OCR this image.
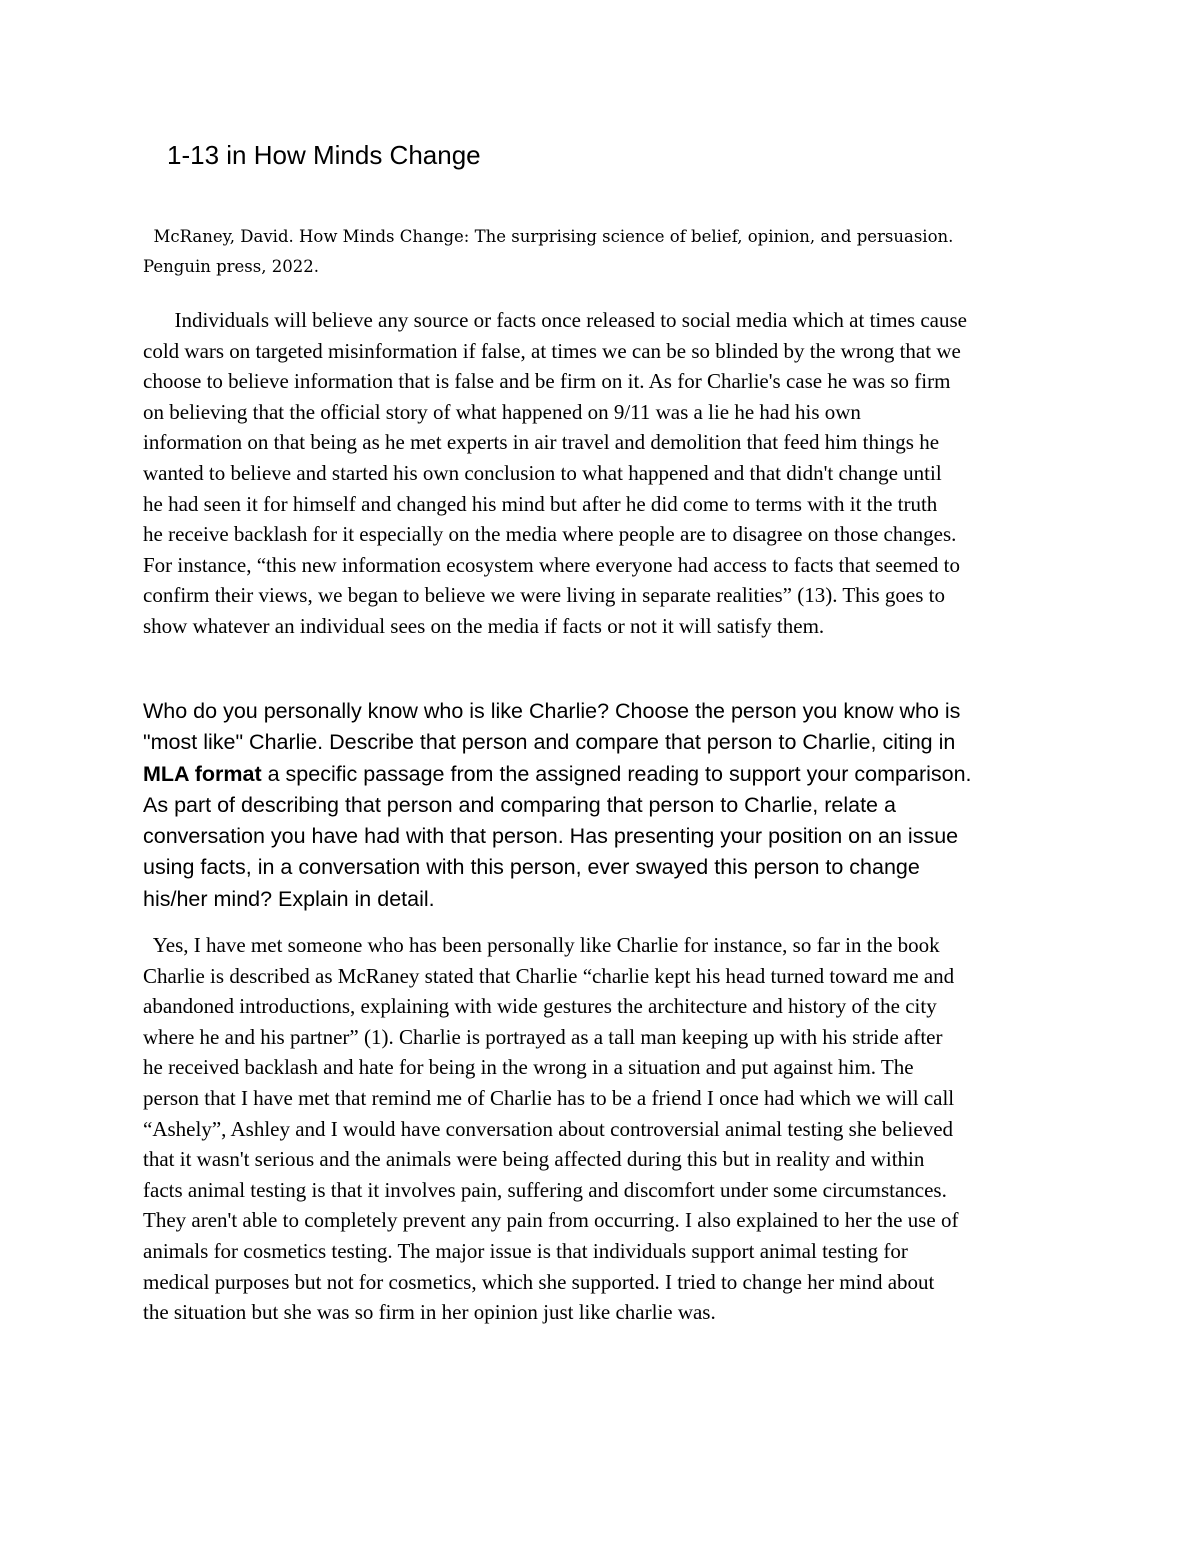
1-13 in How Minds Change

McRaney, David. How Minds Change: The surprising science of belief, opinion, and persuasion.
Penguin press, 2022.

Individuals will believe any source or facts once released to social media which at times cause
cold wars on targeted misinformation if false, at times we can be so blinded by the wrong that we
choose to believe information that is false and be firm on it. As for Charlie's case he was so firm
on believing that the official story of what happened on 9/11 was a lie he had his own
information on that being as he met experts in air travel and demolition that feed him things he
wanted to believe and started his own conclusion to what happened and that didn't change until
he had seen it for himself and changed his mind but after he did come to terms with it the truth
he receive backlash for it especially on the media where people are to disagree on those changes.
For instance, “this new information ecosystem where everyone had access to facts that seemed to
confirm their views, we began to believe we were living in separate realities” (13). This goes to
show whatever an individual sees on the media if facts or not it will satisfy them.

Who do you personally know who is like Charlie? Choose the person you know who is
"most like" Charlie. Describe that person and compare that person to Charlie, citing in
MLA format a specific passage from the assigned reading to support your comparison.
As part of describing that person and comparing that person to Charlie, relate a
conversation you have had with that person. Has presenting your position on an issue
using facts, in a conversation with this person, ever swayed this person to change
his/her mind? Explain in detail.

Yes, I have met someone who has been personally like Charlie for instance, so far in the book
Charlie is described as McRaney stated that Charlie “charlie kept his head turned toward me and
abandoned introductions, explaining with wide gestures the architecture and history of the city
where he and his partner” (1). Charlie is portrayed as a tall man keeping up with his stride after
he received backlash and hate for being in the wrong in a situation and put against him. The
person that I have met that remind me of Charlie has to be a friend I once had which we will call
“Ashely”, Ashley and I would have conversation about controversial animal testing she believed
that it wasn't serious and the animals were being affected during this but in reality and within
facts animal testing is that it involves pain, suffering and discomfort under some circumstances.
They aren't able to completely prevent any pain from occurring. I also explained to her the use of
animals for cosmetics testing. The major issue is that individuals support animal testing for
medical purposes but not for cosmetics, which she supported. I tried to change her mind about
the situation but she was so firm in her opinion just like charlie was.
